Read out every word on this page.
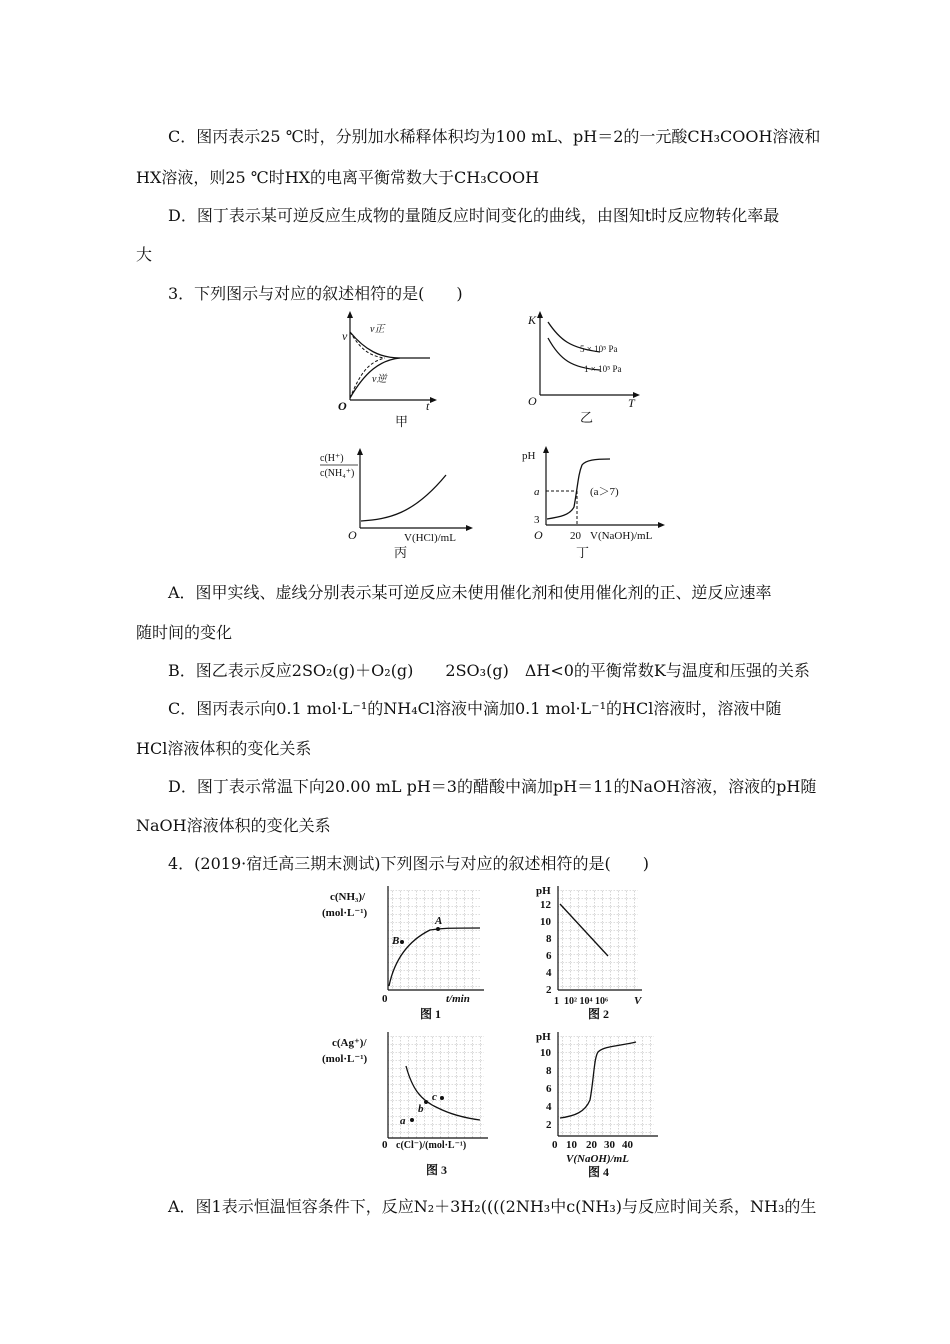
C．图丙表示25 ℃时，分别加水稀释体积均为100 mL、pH＝2的一元酸CH₃COOH溶液和
HX溶液，则25 ℃时HX的电离平衡常数大于CH₃COOH
D．图丁表示某可逆反应生成物的量随反应时间变化的曲线，由图知t时反应物转化率最
大
3．下列图示与对应的叙述相符的是(　　)
v v正
v逆
O	t
甲
K
5 × 10⁵ Pa
1 × 10⁵ Pa
O	T
乙
c(H⁺)
c(NH₄⁺)
O	V(HCl)/mL
丙
pH
a
3
(a＞7)
O 20 V(NaOH)/mL
丁
A．图甲实线、虚线分别表示某可逆反应未使用催化剂和使用催化剂的正、逆反应速率
随时间的变化
B．图乙表示反应2SO₂(g)＋O₂(g)　　2SO₃(g)　ΔH<0的平衡常数K与温度和压强的关系
C．图丙表示向0.1 mol·L⁻¹的NH₄Cl溶液中滴加0.1 mol·L⁻¹的HCl溶液时，溶液中随
HCl溶液体积的变化关系
D．图丁表示常温下向20.00 mL pH＝3的醋酸中滴加pH＝11的NaOH溶液，溶液的pH随
NaOH溶液体积的变化关系
4．(2019·宿迁高三期末测试)下列图示与对应的叙述相符的是(　　)
c(NH₃)/
(mol·L⁻¹)
A
B
0	t/min
图 1
pH
12
10
8
6
4
2
1  10² 10⁴ 10⁶ V
图 2
c(Ag⁺)/
(mol·L⁻¹)
a
b
c
0 c(Cl⁻)/(mol·L⁻¹)
图 3
pH
10
8
6
4
2
0 10 20 30 40
V(NaOH)/mL
图 4
A．图1表示恒温恒容条件下，反应N₂＋3H₂((((2NH₃中c(NH₃)与反应时间关系，NH₃的生
